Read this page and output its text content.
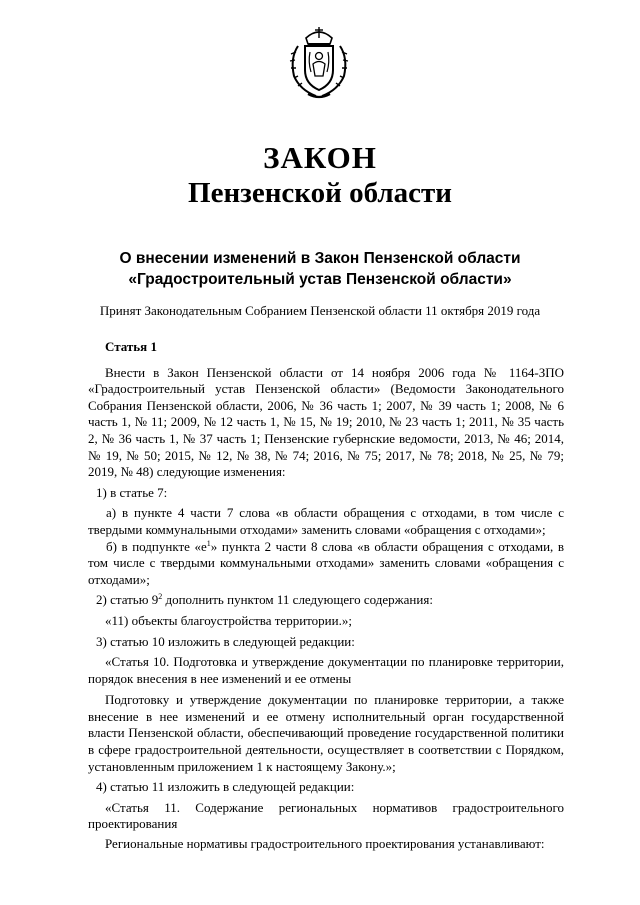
ЗАКОН
Пензенской области
О внесении изменений в Закон Пензенской области
«Градостроительный устав Пензенской области»
Принят Законодательным Собранием Пензенской области 11 октября 2019 года

Статья 1

Внести в Закон Пензенской области от 14 ноября 2006 года № 1164-ЗПО «Градостроительный устав Пензенской области» (Ведомости Законодательного Собрания Пензенской области, 2006, № 36 часть 1; 2007, № 39 часть 1; 2008, № 6 часть 1, № 11; 2009, № 12 часть 1, № 15, № 19; 2010, № 23 часть 1; 2011, № 35 часть 2, № 36 часть 1, № 37 часть 1; Пензенские губернские ведомости, 2013, № 46; 2014, № 19, № 50; 2015, № 12, № 38, № 74; 2016, № 75; 2017, № 78; 2018, № 25, № 79; 2019, № 48) следующие изменения:

1) в статье 7:

а) в пункте 4 части 7 слова «в области обращения с отходами, в том числе с твердыми коммунальными отходами» заменить словами «обращения с отходами»;

б) в подпункте «$е^1$» пункта 2 части 8 слова «в области обращения с отходами, в том числе с твердыми коммунальными отходами» заменить словами «обращения с отходами»;

2) статью $9^2$ дополнить пунктом 11 следующего содержания:

«11) объекты благоустройства территории.»;

3) статью 10 изложить в следующей редакции:

«Статья 10. Подготовка и утверждение документации по планировке территории, порядок внесения в нее изменений и ее отмены

Подготовку и утверждение документации по планировке территории, а также внесение в нее изменений и ее отмену исполнительный орган государственной власти Пензенской области, обеспечивающий проведение государственной политики в сфере градостроительной деятельности, осуществляет в соответствии с Порядком, установленным приложением 1 к настоящему Закону.»;

4) статью 11 изложить в следующей редакции:

«Статья 11. Содержание региональных нормативов градостроительного проектирования

Региональные нормативы градостроительного проектирования устанавливают:
